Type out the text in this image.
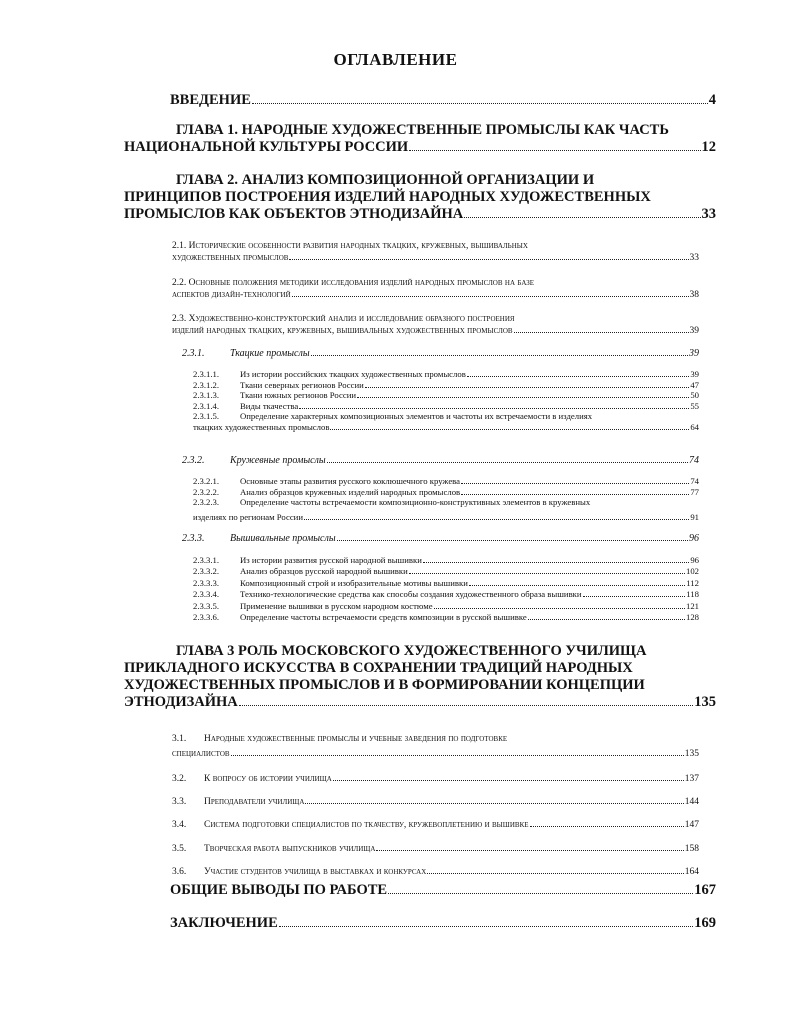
ОГЛАВЛЕНИЕ
ВВЕДЕНИЕ	4
ГЛАВА 1. НАРОДНЫЕ ХУДОЖЕСТВЕННЫЕ ПРОМЫСЛЫ КАК ЧАСТЬ
НАЦИОНАЛЬНОЙ КУЛЬТУРЫ РОССИИ	12
ГЛАВА 2. АНАЛИЗ КОМПОЗИЦИОННОЙ ОРГАНИЗАЦИИ И
ПРИНЦИПОВ ПОСТРОЕНИЯ ИЗДЕЛИЙ НАРОДНЫХ ХУДОЖЕСТВЕННЫХ
ПРОМЫСЛОВ КАК ОБЪЕКТОВ ЭТНОДИЗАЙНА	33
2.1. Исторические особенности развития народных ткацких, кружевных, вышивальных
художественных промыслов	33
2.2. Основные положения методики исследования изделий народных промыслов на базе
аспектов дизайн-технологий	38
2.3. Художественно-конструкторский анализ и исследование образного построения
изделий народных ткацких, кружевных, вышивальных художественных промыслов	39
2.3.1.	Ткацкие промыслы	39
2.3.1.1. Из истории российских ткацких художественных промыслов	39
2.3.1.2. Ткани северных регионов России	47
2.3.1.3. Ткани южных регионов России	50
2.3.1.4. Виды ткачества	55
2.3.1.5. Определение характерных композиционных элементов и частоты их встречаемости в изделиях
ткацких художественных промыслов	64
2.3.2.	Кружевные промыслы	74
2.3.2.1. Основные этапы развития русского коклюшечного кружева	74
2.3.2.2. Анализ образцов кружевных изделий народных промыслов	77
2.3.2.3. Определение частоты встречаемости композиционно-конструктивных элементов в кружевных
изделиях по регионам России	91
2.3.3.	Вышивальные промыслы	96
2.3.3.1. Из истории развития русской народной вышивки	96
2.3.3.2. Анализ образцов русской народной вышивки	102
2.3.3.3. Композиционный строй и изобразительные мотивы вышивки	112
2.3.3.4. Технико-технологические средства как способы создания художественного образа вышивки	118
2.3.3.5. Применение вышивки в русском народном костюме	121
2.3.3.6. Определение частоты встречаемости средств композиции в русской вышивке	128
ГЛАВА 3 РОЛЬ МОСКОВСКОГО ХУДОЖЕСТВЕННОГО УЧИЛИЩА
ПРИКЛАДНОГО ИСКУССТВА В СОХРАНЕНИИ ТРАДИЦИЙ НАРОДНЫХ
ХУДОЖЕСТВЕННЫХ ПРОМЫСЛОВ И В ФОРМИРОВАНИИ КОНЦЕПЦИИ
ЭТНОДИЗАЙНА	135
3.1. Народные художественные промыслы и учебные заведения по подготовке
специалистов	135
3.2. К вопросу об истории училища	137
3.3. Преподаватели училища	144
3.4. Система подготовки специалистов по ткачеству, кружевоплетению и вышивке	147
3.5. Творческая работа выпускников училища	158
3.6. Участие студентов училища в выставках и конкурсах	164
ОБЩИЕ ВЫВОДЫ ПО РАБОТЕ	167
ЗАКЛЮЧЕНИЕ	169
